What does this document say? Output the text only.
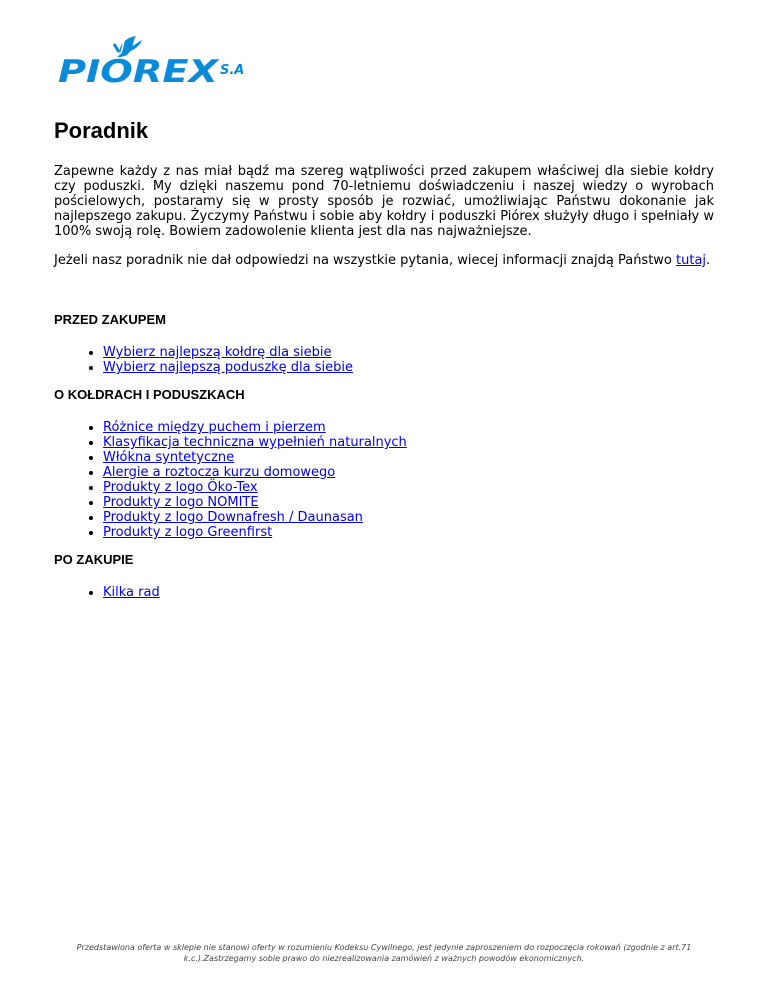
PIÓREX	S.A
Poradnik

Zapewne każdy z nas miał bądź ma szereg wątpliwości przed zakupem właściwej dla siebie kołdry czy poduszki. My dzięki naszemu pond 70-letniemu doświadczeniu i naszej wiedzy o wyrobach pościelowych, postaramy się w prosty sposób je rozwiać, umożliwiając Państwu dokonanie jak najlepszego zakupu. Życzymy Państwu i sobie aby kołdry i poduszki Piórex służyły długo i spełniały w 100% swoją rolę. Bowiem zadowolenie klienta jest dla nas najważniejsze.

Jeżeli nasz poradnik nie dał odpowiedzi na wszystkie pytania, wiecej informacji znajdą Państwo tutaj.

PRZED ZAKUPEM
Wybierz najlepszą kołdrę dla siebie
Wybierz najlepszą poduszkę dla siebie
O KOŁDRACH I PODUSZKACH
Różnice między puchem i pierzem
Klasyfikacja techniczna wypełnień naturalnych
Włókna syntetyczne
Alergie a roztocza kurzu domowego
Produkty z logo Öko-Tex
Produkty z logo NOMITE
Produkty z logo Downafresh / Daunasan
Produkty z logo Greenfirst
PO ZAKUPIE
Kilka rad
Przedstawiona oferta w sklepie nie stanowi oferty w rozumieniu Kodeksu Cywilnego, jest jedynie zaproszeniem do rozpoczęcia rokowań (zgodnie z art.71
k.c.).Zastrzegamy sobie prawo do niezrealizowania zamówień z ważnych powodów ekonomicznych.
